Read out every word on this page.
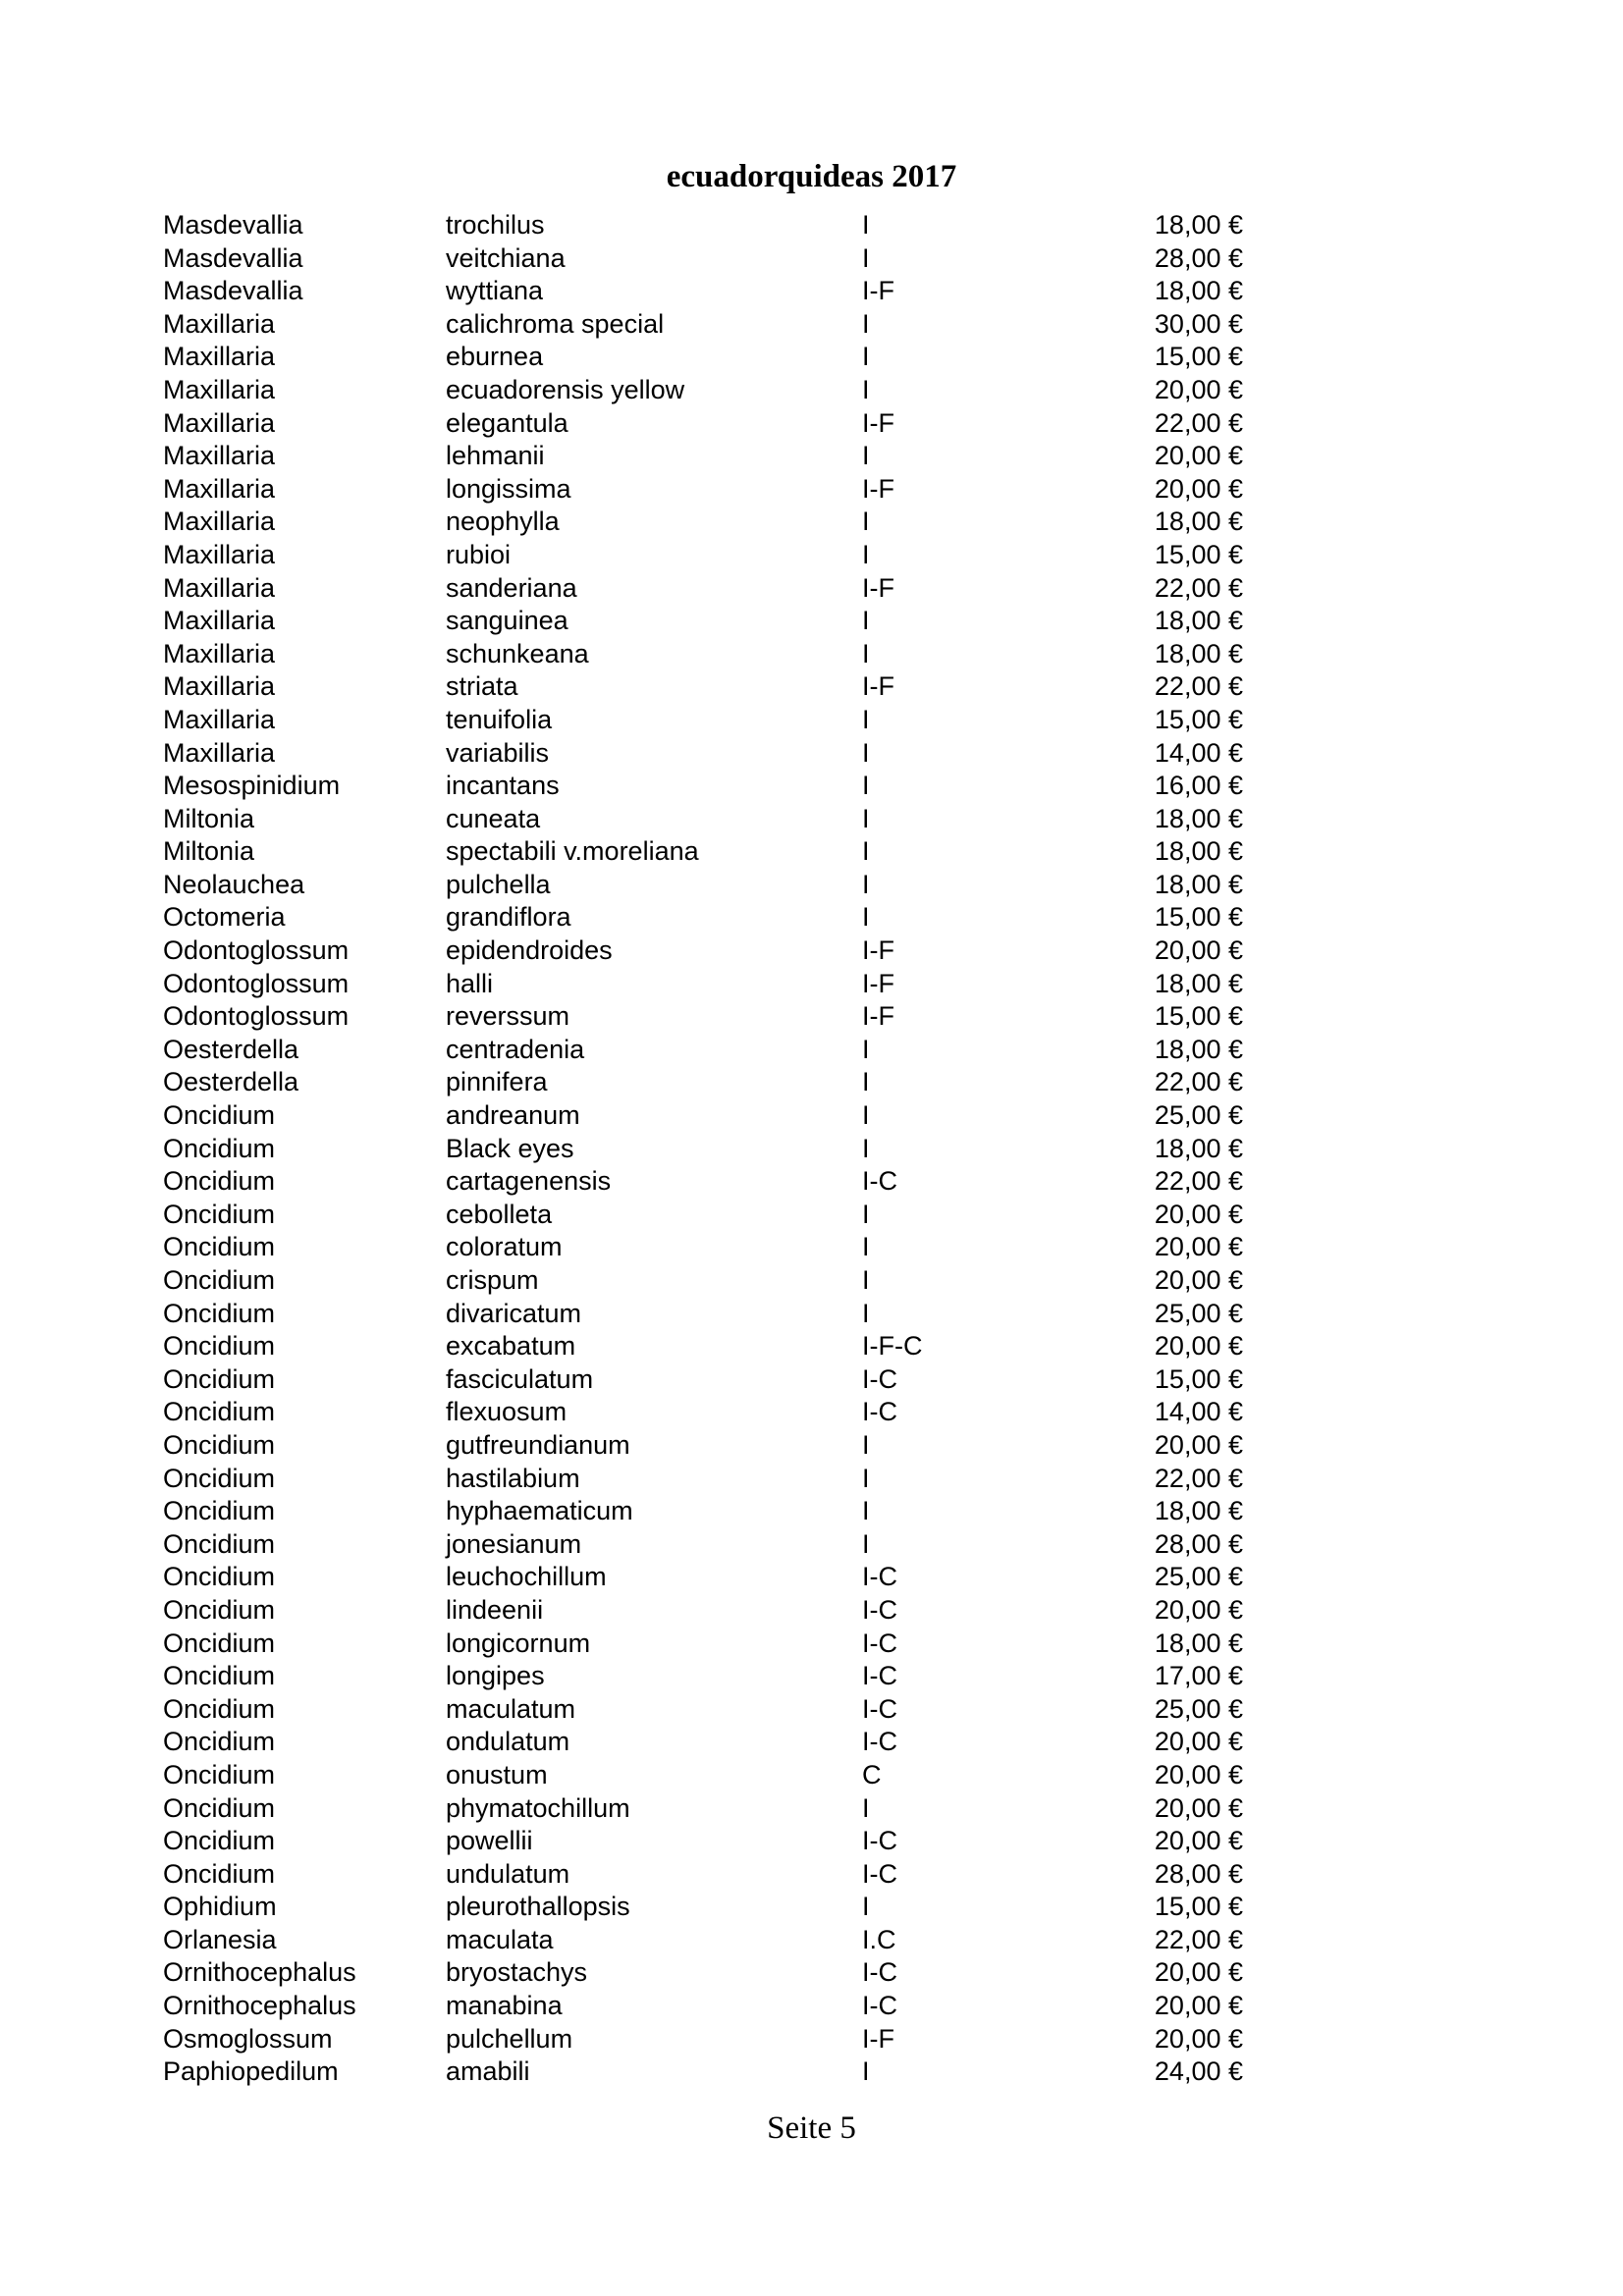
ecuadorquideas 2017
Masdevallia	trochilus	I	18,00 €
Masdevallia	veitchiana	I	28,00 €
Masdevallia	wyttiana	I-F	18,00 €
Maxillaria	calichroma special	I	30,00 €
Maxillaria	eburnea	I	15,00 €
Maxillaria	ecuadorensis yellow	I	20,00 €
Maxillaria	elegantula	I-F	22,00 €
Maxillaria	lehmanii	I	20,00 €
Maxillaria	longissima	I-F	20,00 €
Maxillaria	neophylla	I	18,00 €
Maxillaria	rubioi	I	15,00 €
Maxillaria	sanderiana	I-F	22,00 €
Maxillaria	sanguinea	I	18,00 €
Maxillaria	schunkeana	I	18,00 €
Maxillaria	striata	I-F	22,00 €
Maxillaria	tenuifolia	I	15,00 €
Maxillaria	variabilis	I	14,00 €
Mesospinidium	incantans	I	16,00 €
Miltonia	cuneata	I	18,00 €
Miltonia	spectabili v.moreliana	I	18,00 €
Neolauchea	pulchella	I	18,00 €
Octomeria	grandiflora	I	15,00 €
Odontoglossum	epidendroides	I-F	20,00 €
Odontoglossum	halli	I-F	18,00 €
Odontoglossum	reverssum	I-F	15,00 €
Oesterdella	centradenia	I	18,00 €
Oesterdella	pinnifera	I	22,00 €
Oncidium	andreanum	I	25,00 €
Oncidium	Black eyes	I	18,00 €
Oncidium	cartagenensis	I-C	22,00 €
Oncidium	cebolleta	I	20,00 €
Oncidium	coloratum	I	20,00 €
Oncidium	crispum	I	20,00 €
Oncidium	divaricatum	I	25,00 €
Oncidium	excabatum	I-F-C	20,00 €
Oncidium	fasciculatum	I-C	15,00 €
Oncidium	flexuosum	I-C	14,00 €
Oncidium	gutfreundianum	I	20,00 €
Oncidium	hastilabium	I	22,00 €
Oncidium	hyphaematicum	I	18,00 €
Oncidium	jonesianum	I	28,00 €
Oncidium	leuchochillum	I-C	25,00 €
Oncidium	lindeenii	I-C	20,00 €
Oncidium	longicornum	I-C	18,00 €
Oncidium	longipes	I-C	17,00 €
Oncidium	maculatum	I-C	25,00 €
Oncidium	ondulatum	I-C	20,00 €
Oncidium	onustum	C	20,00 €
Oncidium	phymatochillum	I	20,00 €
Oncidium	powellii	I-C	20,00 €
Oncidium	undulatum	I-C	28,00 €
Ophidium	pleurothallopsis	I	15,00 €
Orlanesia	maculata	I.C	22,00 €
Ornithocephalus	bryostachys	I-C	20,00 €
Ornithocephalus	manabina	I-C	20,00 €
Osmoglossum	pulchellum	I-F	20,00 €
Paphiopedilum	amabili	I	24,00 €
Seite 5
